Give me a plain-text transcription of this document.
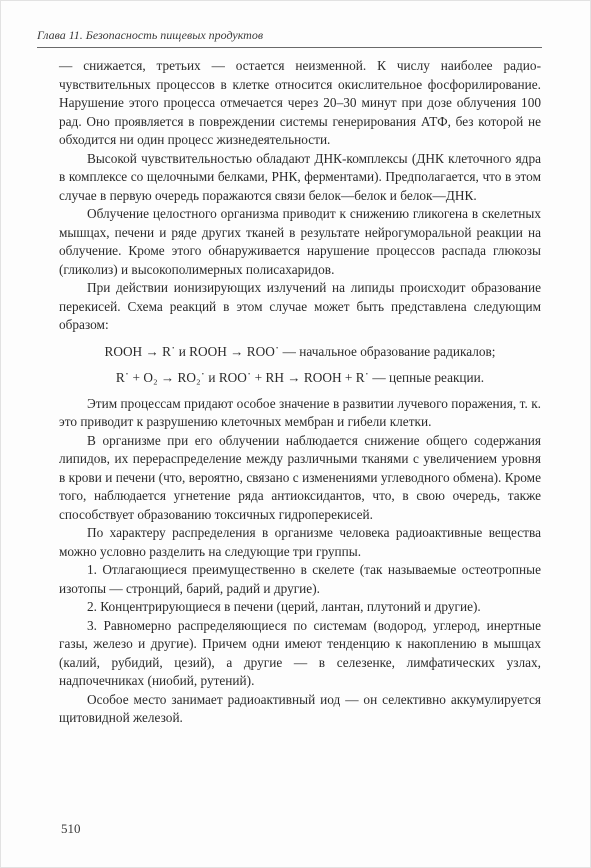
Глава 11. Безопасность пищевых продуктов

— снижается, третьих — остается неизменной. К числу наиболее радиочувствительных процессов в клетке относится окислительное фосфорилирование. Нарушение этого процесса отмечается через 20–30 минут при дозе облучения 100 рад. Оно проявляется в повреждении системы генерирования АТФ, без которой не обходится ни один процесс жизнедеятельности.

Высокой чувствительностью обладают ДНК-комплексы (ДНК клеточного ядра в комплексе со щелочными белками, РНК, ферментами). Предполагается, что в этом случае в первую очередь поражаются связи белок—белок и белок—ДНК.

Облучение целостного организма приводит к снижению гликогена в скелетных мышцах, печени и ряде других тканей в результате нейрогуморальной реакции на облучение. Кроме этого обнаруживается нарушение процессов распада глюкозы (гликолиз) и высокополимерных полисахаридов.

При действии ионизирующих излучений на липиды происходит образование перекисей. Схема реакций в этом случае может быть представлена следующим образом:

ROOH → R˙ и ROOH → ROO˙ — начальное образование радикалов;

R˙ + O₂ → RO₂˙ и ROO˙ + RH → ROOH + R˙ — цепные реакции.

Этим процессам придают особое значение в развитии лучевого поражения, т. к. это приводит к разрушению клеточных мембран и гибели клетки.

В организме при его облучении наблюдается снижение общего содержания липидов, их перераспределение между различными тканями с увеличением уровня в крови и печени (что, вероятно, связано с изменениями углеводного обмена). Кроме того, наблюдается угнетение ряда антиоксидантов, что, в свою очередь, также способствует образованию токсичных гидроперекисей.

По характеру распределения в организме человека радиоактивные вещества можно условно разделить на следующие три группы.

1. Отлагающиеся преимущественно в скелете (так называемые остеотропные изотопы — стронций, барий, радий и другие).

2. Концентрирующиеся в печени (церий, лантан, плутоний и другие).

3. Равномерно распределяющиеся по системам (водород, углерод, инертные газы, железо и другие). Причем одни имеют тенденцию к накоплению в мышцах (калий, рубидий, цезий), а другие — в селезенке, лимфатических узлах, надпочечниках (ниобий, рутений).

Особое место занимает радиоактивный иод — он селективно аккумулируется щитовидной железой.

510
